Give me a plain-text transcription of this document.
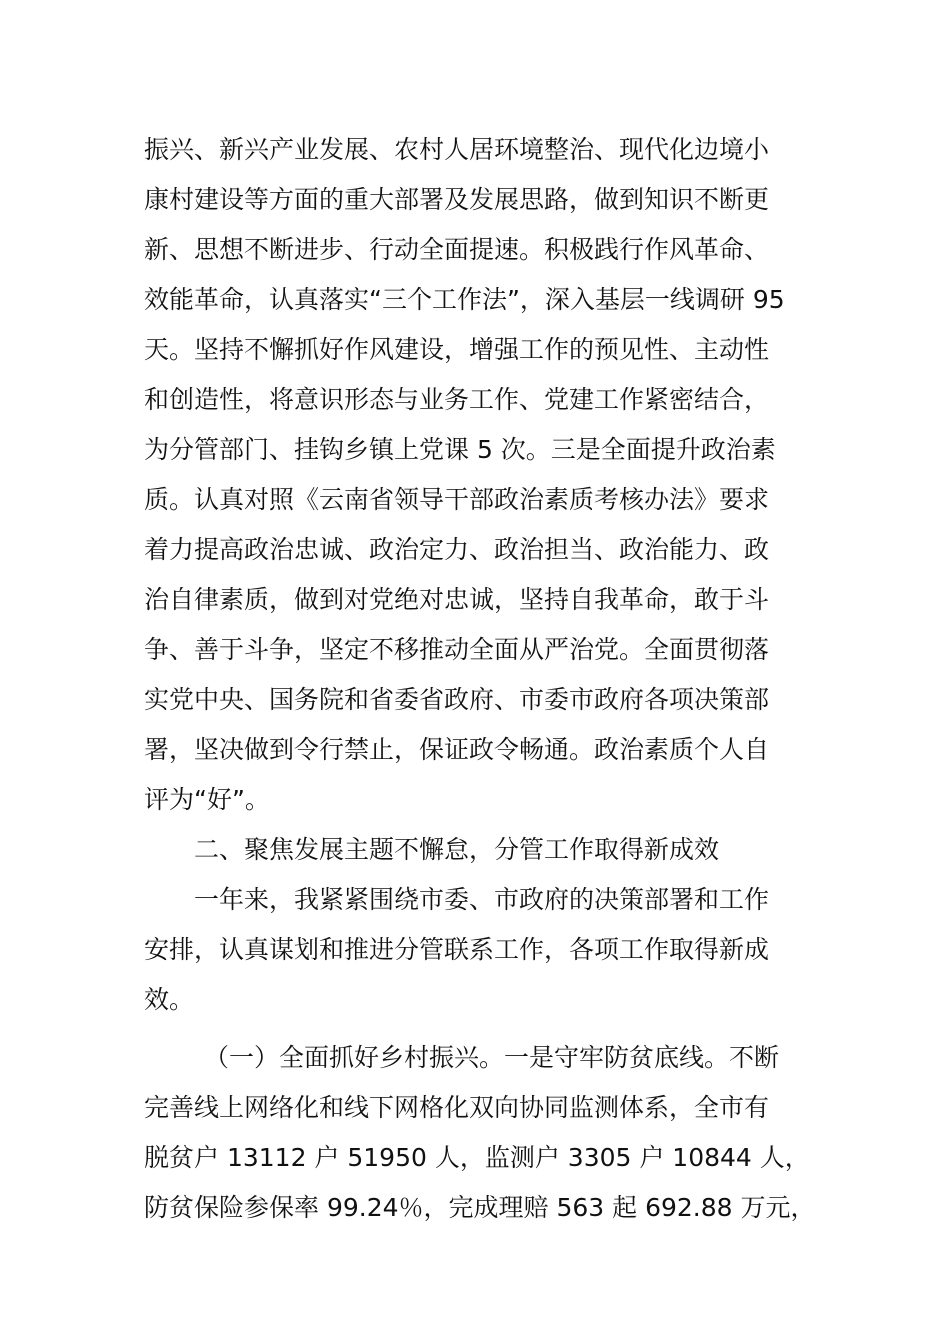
振兴、新兴产业发展、农村人居环境整治、现代化边境小
康村建设等方面的重大部署及发展思路，做到知识不断更
新、思想不断进步、行动全面提速。积极践行作风革命、
效能革命，认真落实“三个工作法”，深入基层一线调研 95
天。坚持不懈抓好作风建设，增强工作的预见性、主动性
和创造性，将意识形态与业务工作、党建工作紧密结合，
为分管部门、挂钩乡镇上党课 5 次。三是全面提升政治素
质。认真对照《云南省领导干部政治素质考核办法》要求
着力提高政治忠诚、政治定力、政治担当、政治能力、政
治自律素质，做到对党绝对忠诚，坚持自我革命，敢于斗
争、善于斗争，坚定不移推动全面从严治党。全面贯彻落
实党中央、国务院和省委省政府、市委市政府各项决策部
署，坚决做到令行禁止，保证政令畅通。政治素质个人自
评为“好”。
二、聚焦发展主题不懈怠，分管工作取得新成效
一年来，我紧紧围绕市委、市政府的决策部署和工作
安排，认真谋划和推进分管联系工作，各项工作取得新成
效。
（一）全面抓好乡村振兴。一是守牢防贫底线。不断
完善线上网络化和线下网格化双向协同监测体系，全市有
脱贫户 13112 户 51950 人，监测户 3305 户 10844 人，
防贫保险参保率 99.24％，完成理赔 563 起 692.88 万元，
